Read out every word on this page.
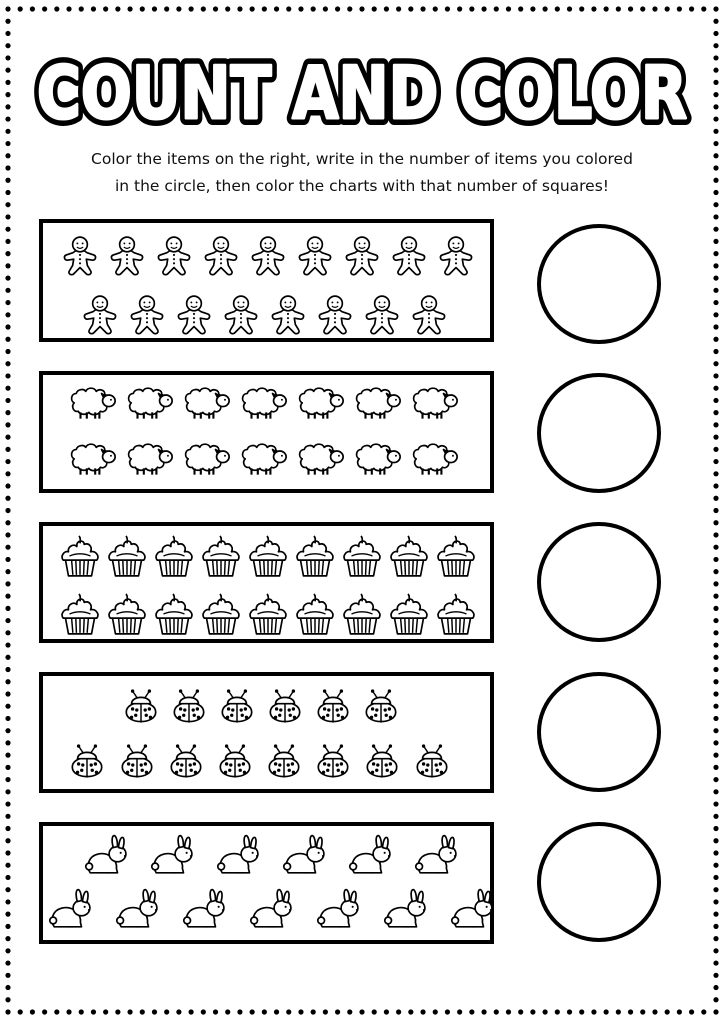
COUNT AND COLOR
COUNT AND COLOR

Color the items on the right, write in the number of items you colored
in the circle, then color the charts with that number of squares!
